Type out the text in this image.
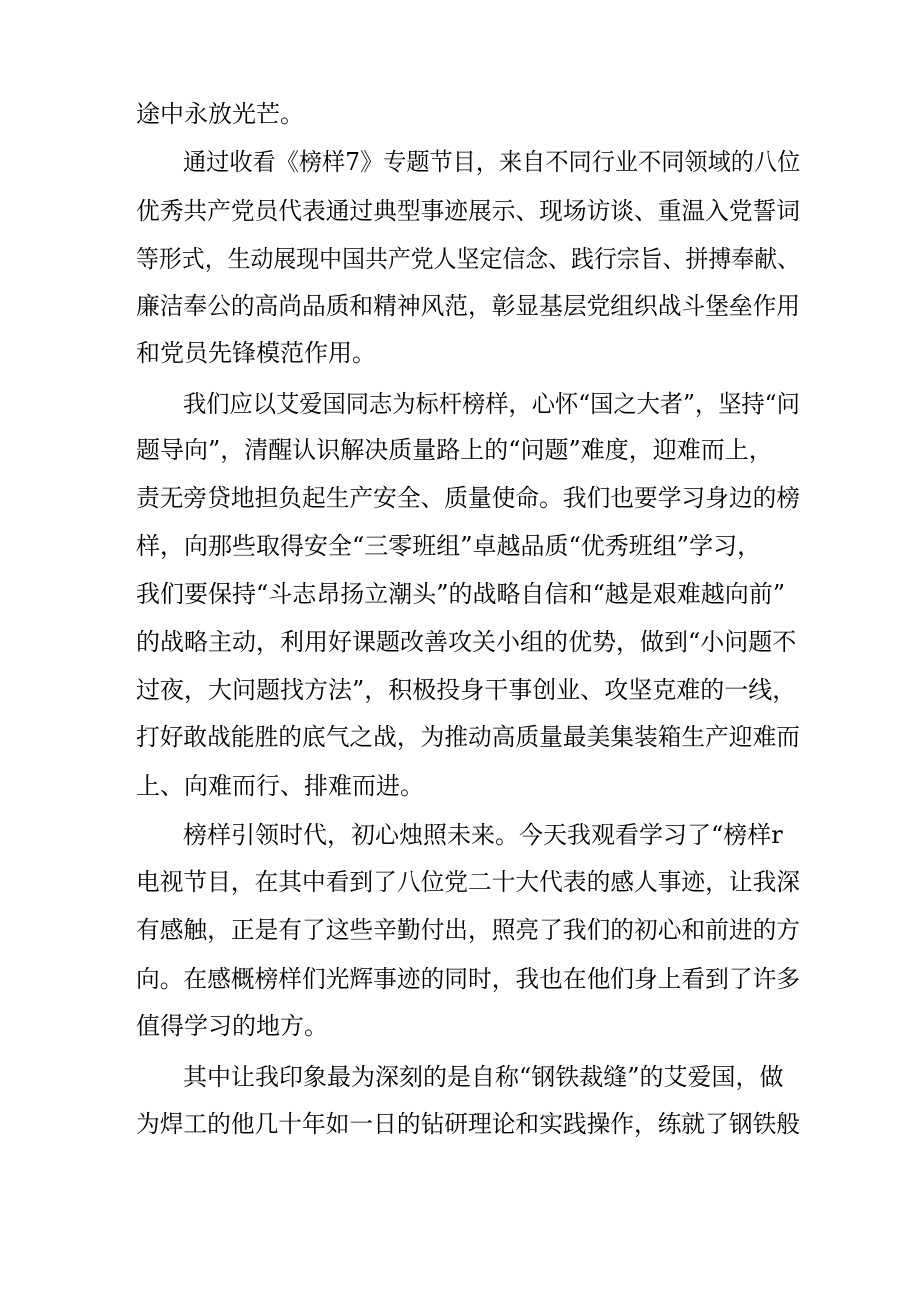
途中永放光芒。
通过收看《榜样7》专题节目，来自不同行业不同领域的八位
优秀共产党员代表通过典型事迹展示、现场访谈、重温入党誓词
等形式，生动展现中国共产党人坚定信念、践行宗旨、拼搏奉献、
廉洁奉公的高尚品质和精神风范，彰显基层党组织战斗堡垒作用
和党员先锋模范作用。
我们应以艾爱国同志为标杆榜样，心怀“国之大者”，坚持“问
题导向”，清醒认识解决质量路上的“问题”难度，迎难而上，
责无旁贷地担负起生产安全、质量使命。我们也要学习身边的榜
样，向那些取得安全“三零班组”卓越品质“优秀班组”学习，
我们要保持“斗志昂扬立潮头”的战略自信和“越是艰难越向前”
的战略主动，利用好课题改善攻关小组的优势，做到“小问题不
过夜，大问题找方法”，积极投身干事创业、攻坚克难的一线，
打好敢战能胜的底气之战，为推动高质量最美集装箱生产迎难而
上、向难而行、排难而进。
榜样引领时代，初心烛照未来。今天我观看学习了“榜样r
电视节目，在其中看到了八位党二十大代表的感人事迹，让我深
有感触，正是有了这些辛勤付出，照亮了我们的初心和前进的方
向。在感概榜样们光辉事迹的同时，我也在他们身上看到了许多
值得学习的地方。
其中让我印象最为深刻的是自称“钢铁裁缝”的艾爱国，做
为焊工的他几十年如一日的钻研理论和实践操作，练就了钢铁般
